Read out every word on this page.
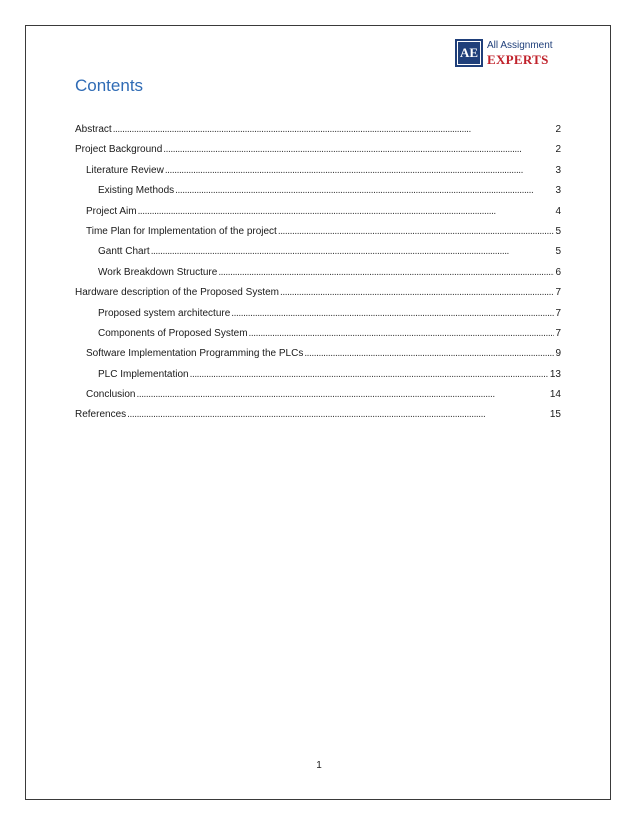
AE All Assignment
EXPERTS
Contents
Abstract . . .	2
Project Background . . .	2
Literature Review . . .	3
Existing Methods . . .	3
Project Aim . . .	4
Time Plan for Implementation of the project . . .	5
Gantt Chart . . .	5
Work Breakdown Structure . . .	6
Hardware description of the Proposed System . . .	7
Proposed system architecture . . .	7
Components of Proposed System . . .	7
Software Implementation Programming the PLCs . . .	9
PLC Implementation . . .	13
Conclusion . . .	14
References . . .	15
1
